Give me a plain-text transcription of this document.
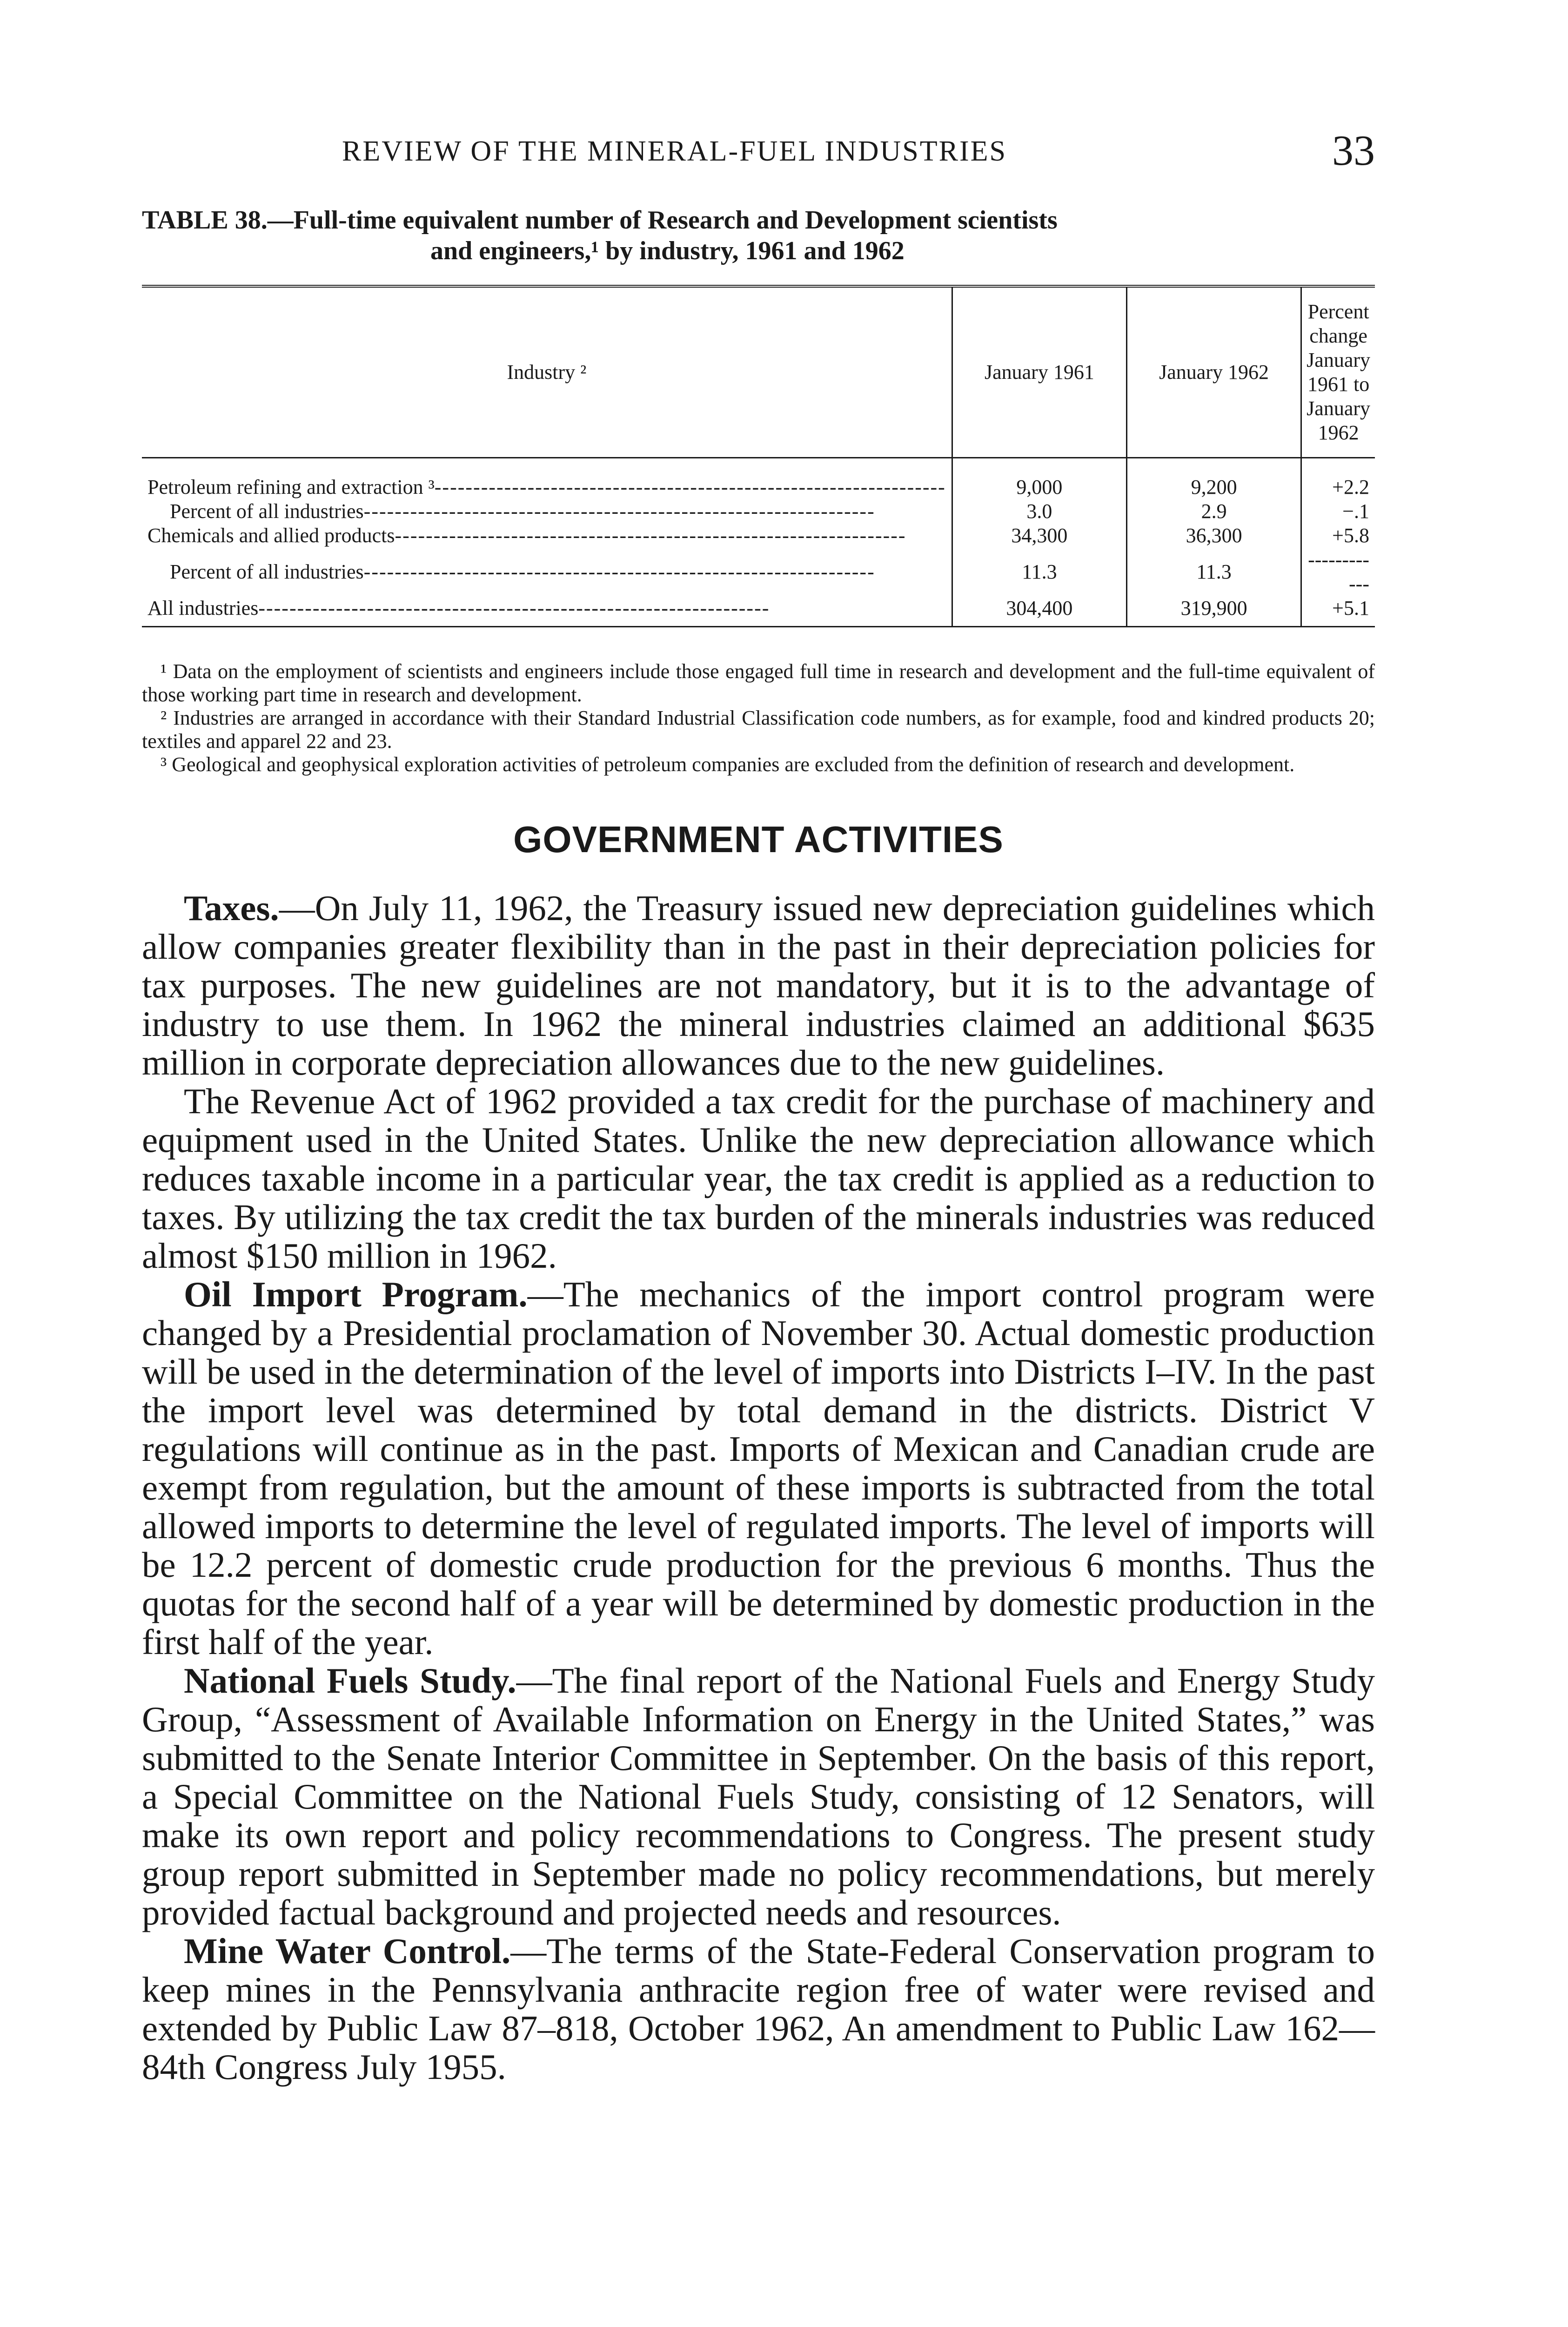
REVIEW OF THE MINERAL-FUEL INDUSTRIES	33
TABLE 38.—Full-time equivalent number of Research and Development scientists
and engineers,¹ by industry, 1961 and 1962
Industry ²	January 1961	January 1962	Percent change January 1961 to January 1962
Petroleum refining and extraction ³------------------------------------------------------------------	9,000	9,200	+2.2
Percent of all industries------------------------------------------------------------------	3.0	2.9	−.1
Chemicals and allied products------------------------------------------------------------------	34,300	36,300	+5.8
Percent of all industries------------------------------------------------------------------	11.3	11.3	------------
All industries------------------------------------------------------------------	304,400	319,900	+5.1

¹ Data on the employment of scientists and engineers include those engaged full time in research and development and the full-time equivalent of those working part time in research and development.

² Industries are arranged in accordance with their Standard Industrial Classification code numbers, as for example, food and kindred products 20; textiles and apparel 22 and 23.

³ Geological and geophysical exploration activities of petroleum companies are excluded from the definition of research and development.

GOVERNMENT ACTIVITIES

Taxes.—On July 11, 1962, the Treasury issued new depreciation guidelines which allow companies greater flexibility than in the past in their depreciation policies for tax purposes. The new guidelines are not mandatory, but it is to the advantage of industry to use them. In 1962 the mineral industries claimed an additional $635 million in corporate depreciation allowances due to the new guidelines.

The Revenue Act of 1962 provided a tax credit for the purchase of machinery and equipment used in the United States. Unlike the new depreciation allowance which reduces taxable income in a particular year, the tax credit is applied as a reduction to taxes. By utilizing the tax credit the tax burden of the minerals industries was reduced almost $150 million in 1962.

Oil Import Program.—The mechanics of the import control program were changed by a Presidential proclamation of November 30. Actual domestic production will be used in the determination of the level of imports into Districts I–IV. In the past the import level was determined by total demand in the districts. District V regulations will continue as in the past. Imports of Mexican and Canadian crude are exempt from regulation, but the amount of these imports is subtracted from the total allowed imports to determine the level of regulated imports. The level of imports will be 12.2 percent of domestic crude production for the previous 6 months. Thus the quotas for the second half of a year will be determined by domestic production in the first half of the year.

National Fuels Study.—The final report of the National Fuels and Energy Study Group, “Assessment of Available Information on Energy in the United States,” was submitted to the Senate Interior Committee in September. On the basis of this report, a Special Committee on the National Fuels Study, consisting of 12 Senators, will make its own report and policy recommendations to Congress. The present study group report submitted in September made no policy recommendations, but merely provided factual background and projected needs and resources.

Mine Water Control.—The terms of the State-Federal Conservation program to keep mines in the Pennsylvania anthracite region free of water were revised and extended by Public Law 87–818, October 1962, An amendment to Public Law 162—84th Congress July 1955.
